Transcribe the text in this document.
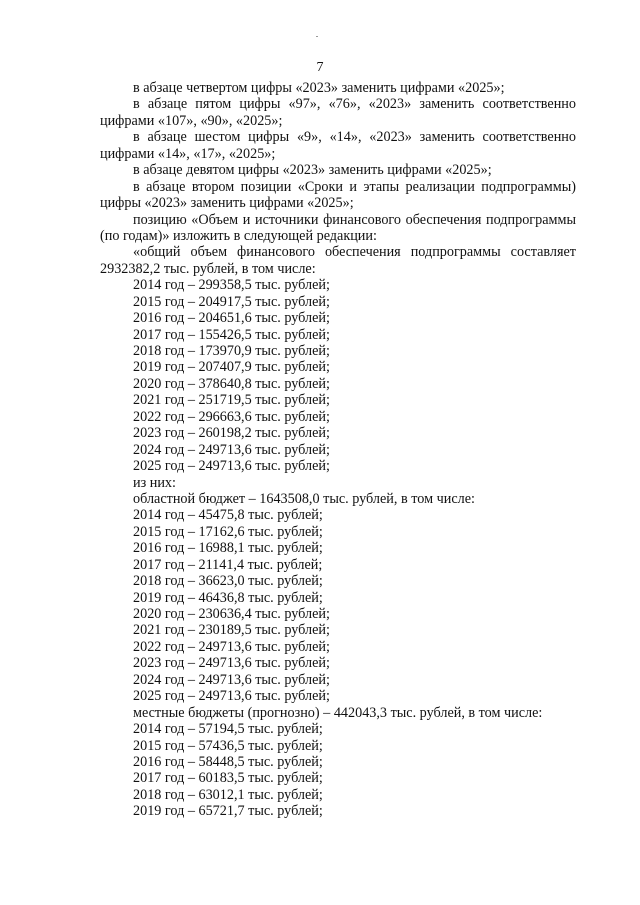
7
в абзаце четвертом цифры «2023» заменить цифрами «2025»;
в абзаце пятом цифры «97», «76», «2023» заменить соответственно
цифрами «107», «90», «2025»;
в абзаце шестом цифры «9», «14», «2023» заменить соответственно
цифрами «14», «17», «2025»;
в абзаце девятом цифры «2023» заменить цифрами «2025»;
в абзаце втором позиции «Сроки и этапы реализации подпрограммы)
цифры «2023» заменить цифрами «2025»;
позицию «Объем и источники финансового обеспечения подпрограммы
(по годам)» изложить в следующей редакции:
«общий объем финансового обеспечения подпрограммы составляет
2932382,2 тыс. рублей, в том числе:
2014 год – 299358,5 тыс. рублей;
2015 год – 204917,5 тыс. рублей;
2016 год – 204651,6 тыс. рублей;
2017 год – 155426,5 тыс. рублей;
2018 год – 173970,9 тыс. рублей;
2019 год – 207407,9 тыс. рублей;
2020 год – 378640,8 тыс. рублей;
2021 год – 251719,5 тыс. рублей;
2022 год – 296663,6 тыс. рублей;
2023 год – 260198,2 тыс. рублей;
2024 год – 249713,6 тыс. рублей;
2025 год – 249713,6 тыс. рублей;
из них:
областной бюджет – 1643508,0 тыс. рублей, в том числе:
2014 год – 45475,8 тыс. рублей;
2015 год – 17162,6 тыс. рублей;
2016 год – 16988,1 тыс. рублей;
2017 год – 21141,4 тыс. рублей;
2018 год – 36623,0 тыс. рублей;
2019 год – 46436,8 тыс. рублей;
2020 год – 230636,4 тыс. рублей;
2021 год – 230189,5 тыс. рублей;
2022 год – 249713,6 тыс. рублей;
2023 год – 249713,6 тыс. рублей;
2024 год – 249713,6 тыс. рублей;
2025 год – 249713,6 тыс. рублей;
местные бюджеты (прогнозно) – 442043,3 тыс. рублей, в том числе:
2014 год – 57194,5 тыс. рублей;
2015 год – 57436,5 тыс. рублей;
2016 год – 58448,5 тыс. рублей;
2017 год – 60183,5 тыс. рублей;
2018 год – 63012,1 тыс. рублей;
2019 год – 65721,7 тыс. рублей;
